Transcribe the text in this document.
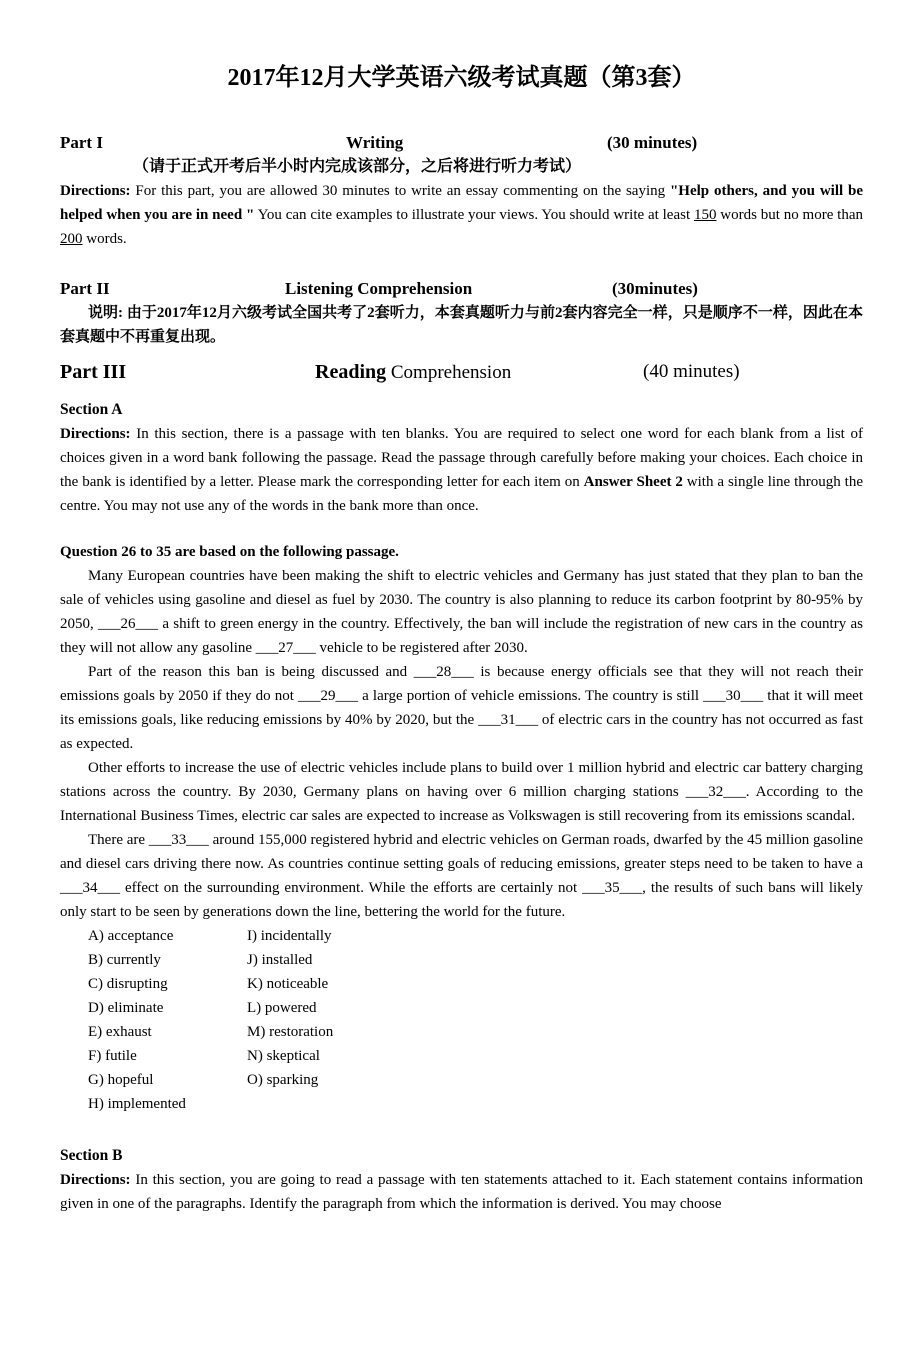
2017年12月大学英语六级考试真题（第3套）
Part I	Writing	(30 minutes)

（请于正式开考后半小时内完成该部分，之后将进行听力考试）

Directions: For this part, you are allowed 30 minutes to write an essay commenting on the saying "Help others, and you will be helped when you are in need " You can cite examples to illustrate your views. You should write at least 150 words but no more than 200 words.

Part II	Listening Comprehension	(30minutes)

说明: 由于2017年12月六级考试全国共考了2套听力，本套真题听力与前2套内容完全一样，只是顺序不一样，因此在本套真题中不再重复出现。

Part III	Reading Comprehension	(40 minutes)

Section A

Directions: In this section, there is a passage with ten blanks. You are required to select one word for each blank from a list of choices given in a word bank following the passage. Read the passage through carefully before making your choices. Each choice in the bank is identified by a letter. Please mark the corresponding letter for each item on Answer Sheet 2 with a single line through the centre. You may not use any of the words in the bank more than once.

Question 26 to 35 are based on the following passage.

Many European countries have been making the shift to electric vehicles and Germany has just stated that they plan to ban the sale of vehicles using gasoline and diesel as fuel by 2030. The country is also planning to reduce its carbon footprint by 80-95% by 2050, ___26___ a shift to green energy in the country. Effectively, the ban will include the registration of new cars in the country as they will not allow any gasoline ___27___ vehicle to be registered after 2030.

Part of the reason this ban is being discussed and ___28___ is because energy officials see that they will not reach their emissions goals by 2050 if they do not ___29___ a large portion of vehicle emissions. The country is still ___30___ that it will meet its emissions goals, like reducing emissions by 40% by 2020, but the ___31___ of electric cars in the country has not occurred as fast as expected.

Other efforts to increase the use of electric vehicles include plans to build over 1 million hybrid and electric car battery charging stations across the country. By 2030, Germany plans on having over 6 million charging stations ___32___. According to the International Business Times, electric car sales are expected to increase as Volkswagen is still recovering from its emissions scandal.

There are ___33___ around 155,000 registered hybrid and electric vehicles on German roads, dwarfed by the 45 million gasoline and diesel cars driving there now. As countries continue setting goals of reducing emissions, greater steps need to be taken to have a ___34___ effect on the surrounding environment. While the efforts are certainly not ___35___, the results of such bans will likely only start to be seen by generations down the line, bettering the world for the future.

A) acceptance	I) incidentally
B) currently	J) installed
C) disrupting	K) noticeable
D) eliminate	L) powered
E) exhaust	M) restoration
F) futile	N) skeptical
G) hopeful	O) sparking
H) implemented

Section B

Directions: In this section, you are going to read a passage with ten statements attached to it. Each statement contains information given in one of the paragraphs. Identify the paragraph from which the information is derived. You may choose
